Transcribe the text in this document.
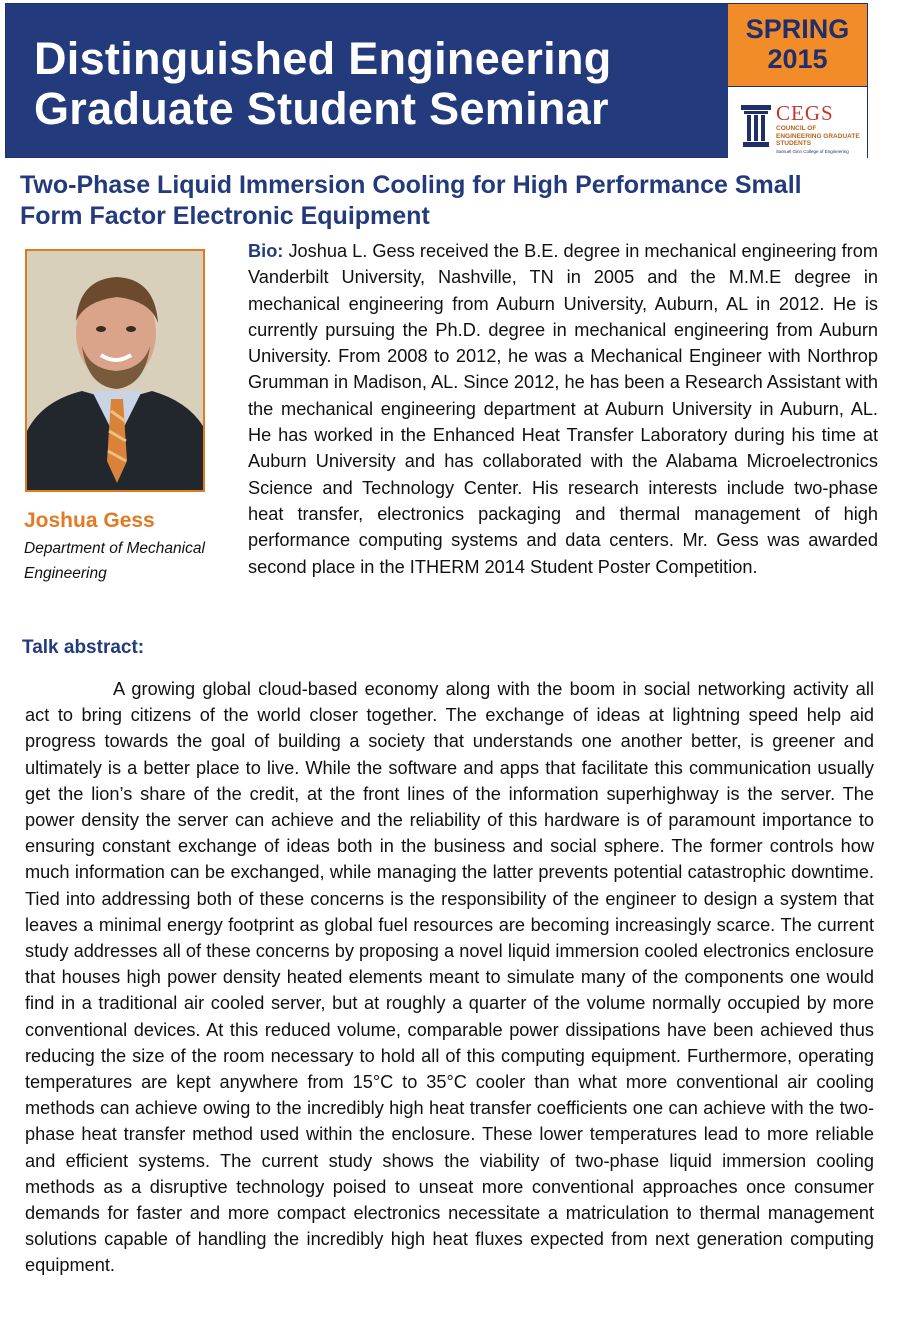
Distinguished Engineering Graduate Student Seminar
SPRING
2015
CEGS
COUNCIL OF ENGINEERING GRADUATE STUDENTS
Samuel Ginn College of Engineering
Two-Phase Liquid Immersion Cooling for High Performance Small Form Factor Electronic Equipment
Joshua Gess

Department of Mechanical Engineering

Bio: Joshua L. Gess received the B.E. degree in mechanical engineering from Vanderbilt University, Nashville, TN in 2005 and the M.M.E degree in mechanical engineering from Auburn University, Auburn, AL in 2012. He is currently pursuing the Ph.D. degree in mechanical engineering from Auburn University. From 2008 to 2012, he was a Mechanical Engineer with Northrop Grumman in Madison, AL. Since 2012, he has been a Research Assistant with the mechanical engineering department at Auburn University in Auburn, AL. He has worked in the Enhanced Heat Transfer Laboratory during his time at Auburn University and has collaborated with the Alabama Microelectronics Science and Technology Center. His research interests include two-phase heat transfer, electronics packaging and thermal management of high performance computing systems and data centers. Mr. Gess was awarded second place in the ITHERM 2014 Student Poster Competition.

Talk abstract:

A growing global cloud-based economy along with the boom in social networking activity all act to bring citizens of the world closer together. The exchange of ideas at lightning speed help aid progress towards the goal of building a society that understands one another better, is greener and ultimately is a better place to live. While the software and apps that facilitate this communication usually get the lion’s share of the credit, at the front lines of the information superhighway is the server. The power density the server can achieve and the reliability of this hardware is of paramount importance to ensuring constant exchange of ideas both in the business and social sphere. The former controls how much information can be exchanged, while managing the latter prevents potential catastrophic downtime. Tied into addressing both of these concerns is the responsibility of the engineer to design a system that leaves a minimal energy footprint as global fuel resources are becoming increasingly scarce. The current study addresses all of these concerns by proposing a novel liquid immersion cooled electronics enclosure that houses high power density heated elements meant to simulate many of the components one would find in a traditional air cooled server, but at roughly a quarter of the volume normally occupied by more conventional devices. At this reduced volume, comparable power dissipations have been achieved thus reducing the size of the room necessary to hold all of this computing equipment. Furthermore, operating temperatures are kept anywhere from 15°C to 35°C cooler than what more conventional air cooling methods can achieve owing to the incredibly high heat transfer coefficients one can achieve with the two-phase heat transfer method used within the enclosure. These lower temperatures lead to more reliable and efficient systems. The current study shows the viability of two-phase liquid immersion cooling methods as a disruptive technology poised to unseat more conventional approaches once consumer demands for faster and more compact electronics necessitate a matriculation to thermal management solutions capable of handling the incredibly high heat fluxes expected from next generation computing equipment.
